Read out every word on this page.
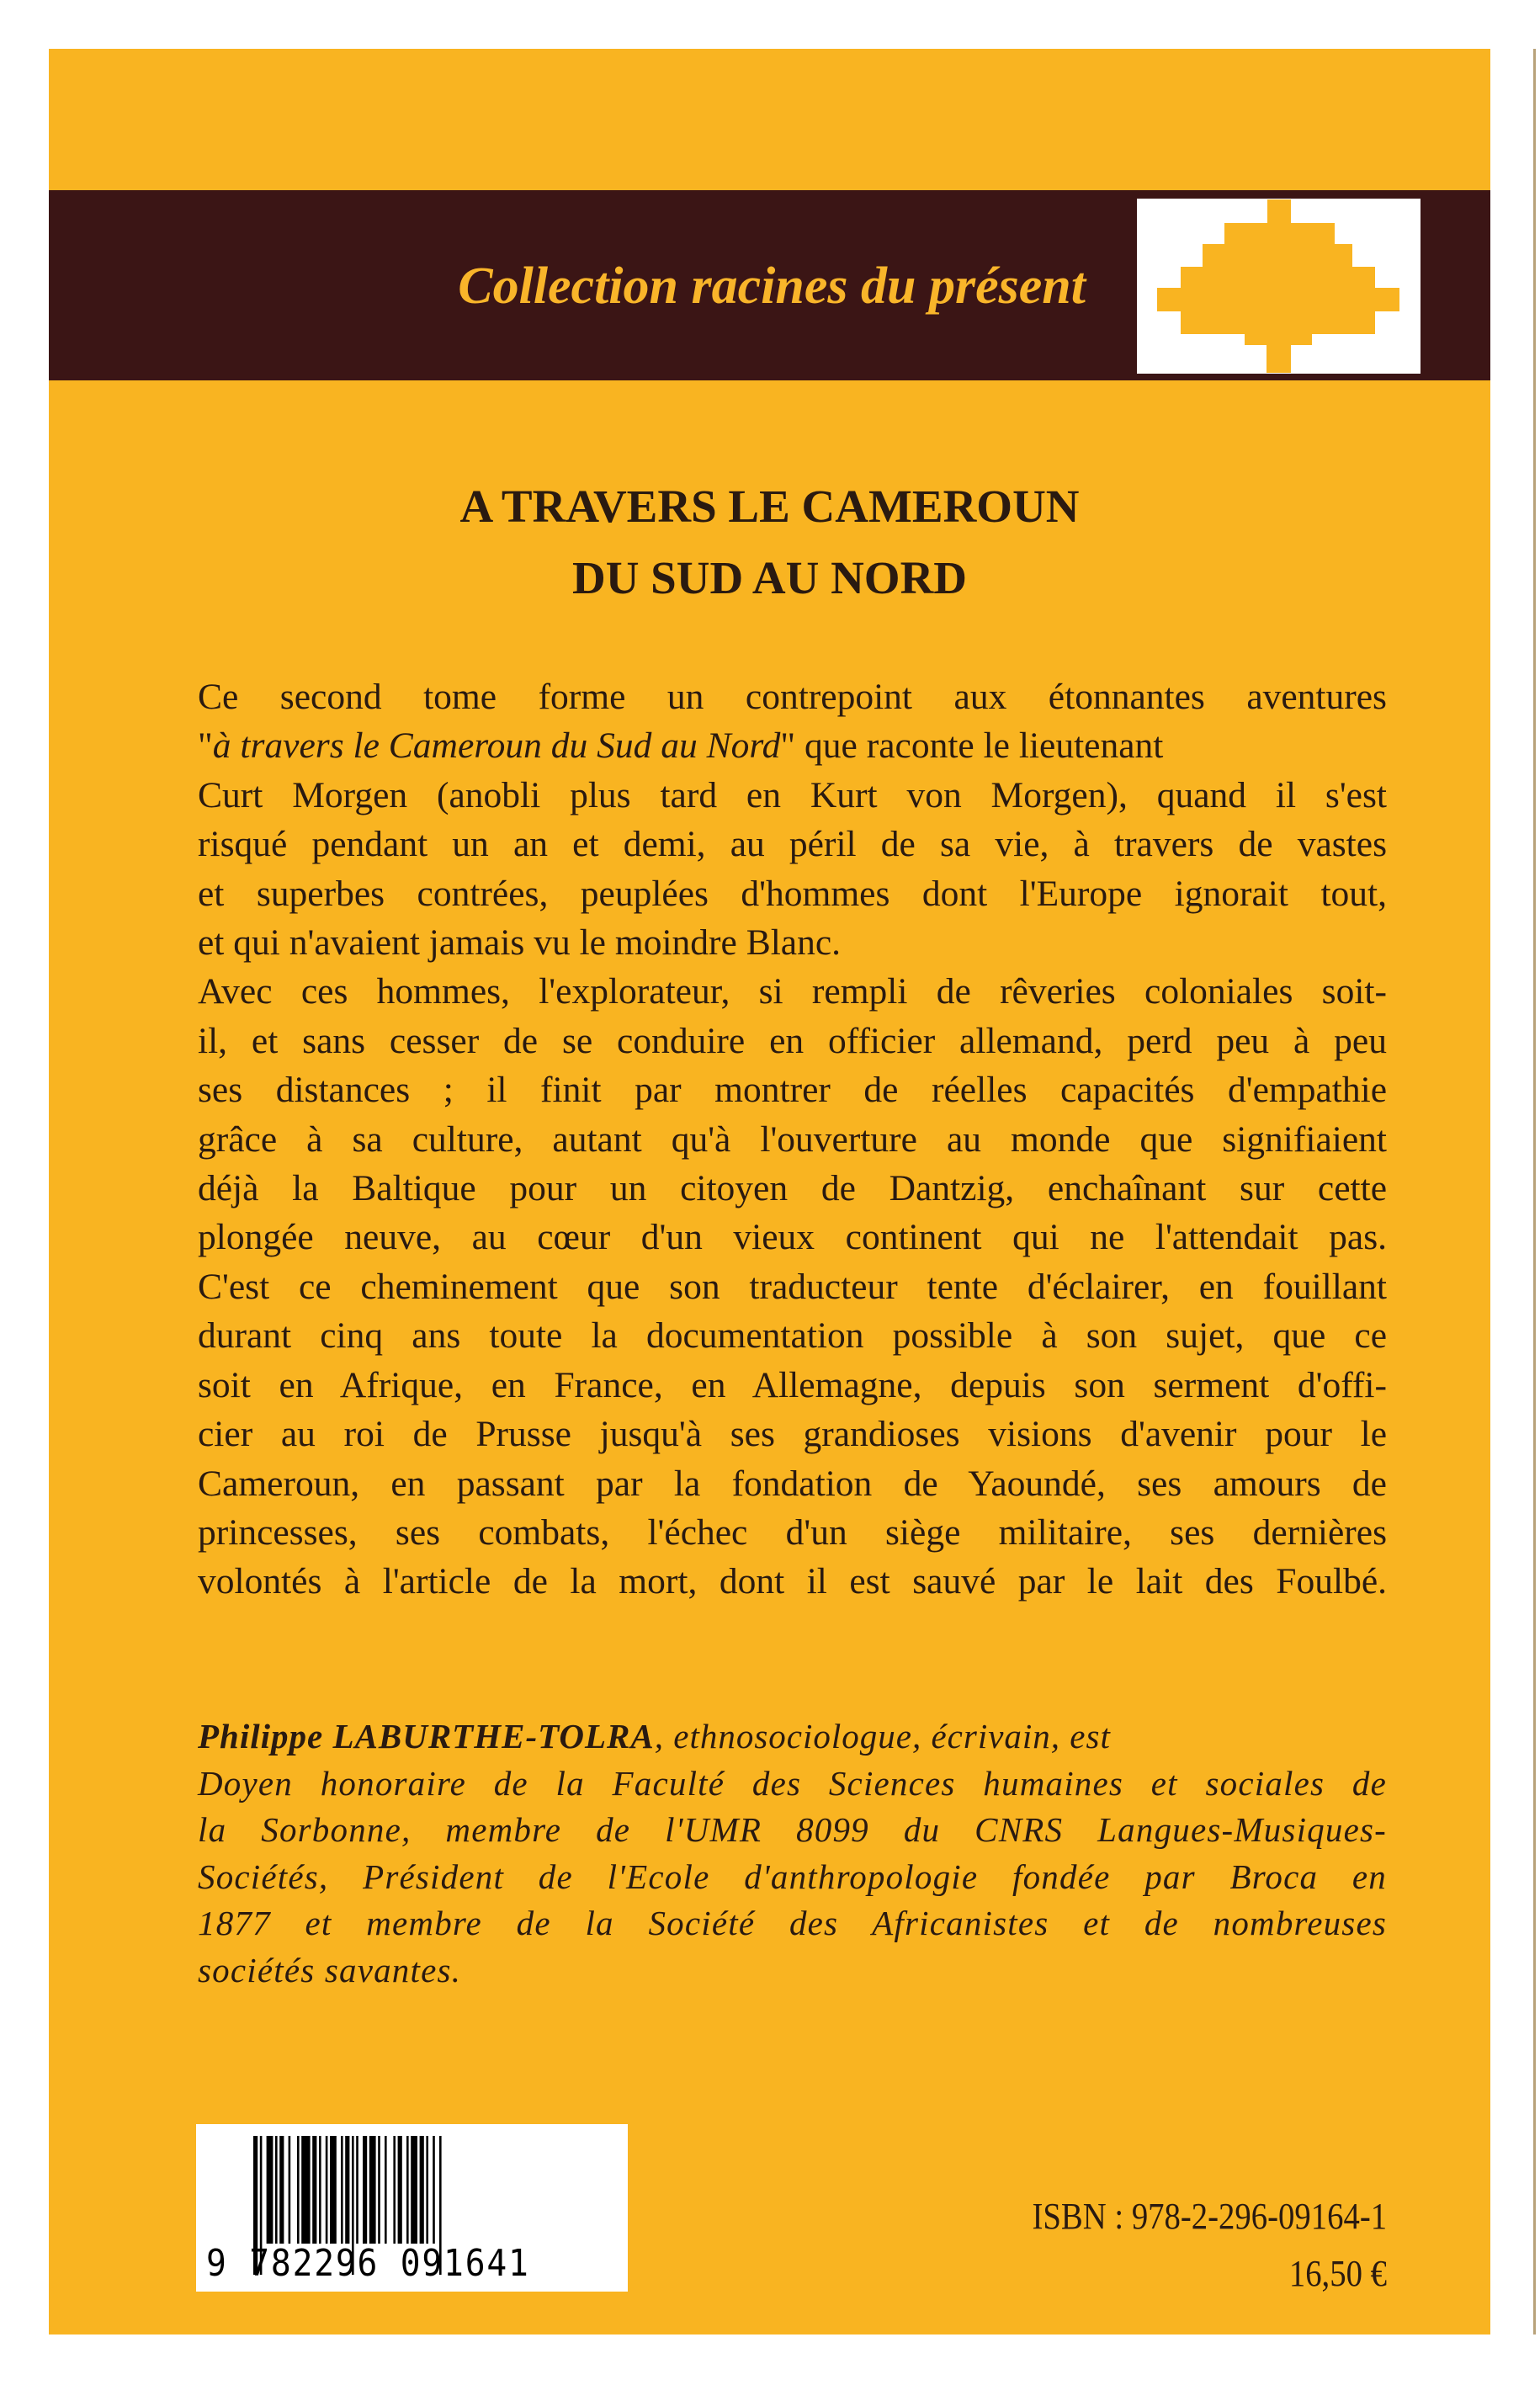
Collection racines du présent
A TRAVERS LE CAMEROUN
DU SUD AU NORD
Ce second tome forme un contrepoint aux étonnantes aventures
"à travers le Cameroun du Sud au Nord" que raconte le lieutenant
Curt Morgen (anobli plus tard en Kurt von Morgen), quand il s'est
risqué pendant un an et demi, au péril de sa vie, à travers de vastes
et superbes contrées, peuplées d'hommes dont l'Europe ignorait tout,
et qui n'avaient jamais vu le moindre Blanc.
Avec ces hommes, l'explorateur, si rempli de rêveries coloniales soit-
il, et sans cesser de se conduire en officier allemand, perd peu à peu
ses distances ; il finit par montrer de réelles capacités d'empathie
grâce à sa culture, autant qu'à l'ouverture au monde que signifiaient
déjà la Baltique pour un citoyen de Dantzig, enchaînant sur cette
plongée neuve, au cœur d'un vieux continent qui ne l'attendait pas.
C'est ce cheminement que son traducteur tente d'éclairer, en fouillant
durant cinq ans toute la documentation possible à son sujet, que ce
soit en Afrique, en France, en Allemagne, depuis son serment d'offi-
cier au roi de Prusse jusqu'à ses grandioses visions d'avenir pour le
Cameroun, en passant par la fondation de Yaoundé, ses amours de
princesses, ses combats, l'échec d'un siège militaire, ses dernières
volontés à l'article de la mort, dont il est sauvé par le lait des Foulbé.
Philippe LABURTHE-TOLRA, ethnosociologue, écrivain, est
Doyen honoraire de la Faculté des Sciences humaines et sociales de
la Sorbonne, membre de l'UMR 8099 du CNRS Langues-Musiques-
Sociétés, Président de l'Ecole d'anthropologie fondée par Broca en
1877 et membre de la Société des Africanistes et de nombreuses
sociétés savantes.
9 782296 091641
ISBN : 978-2-296-09164-1
16,50 €
